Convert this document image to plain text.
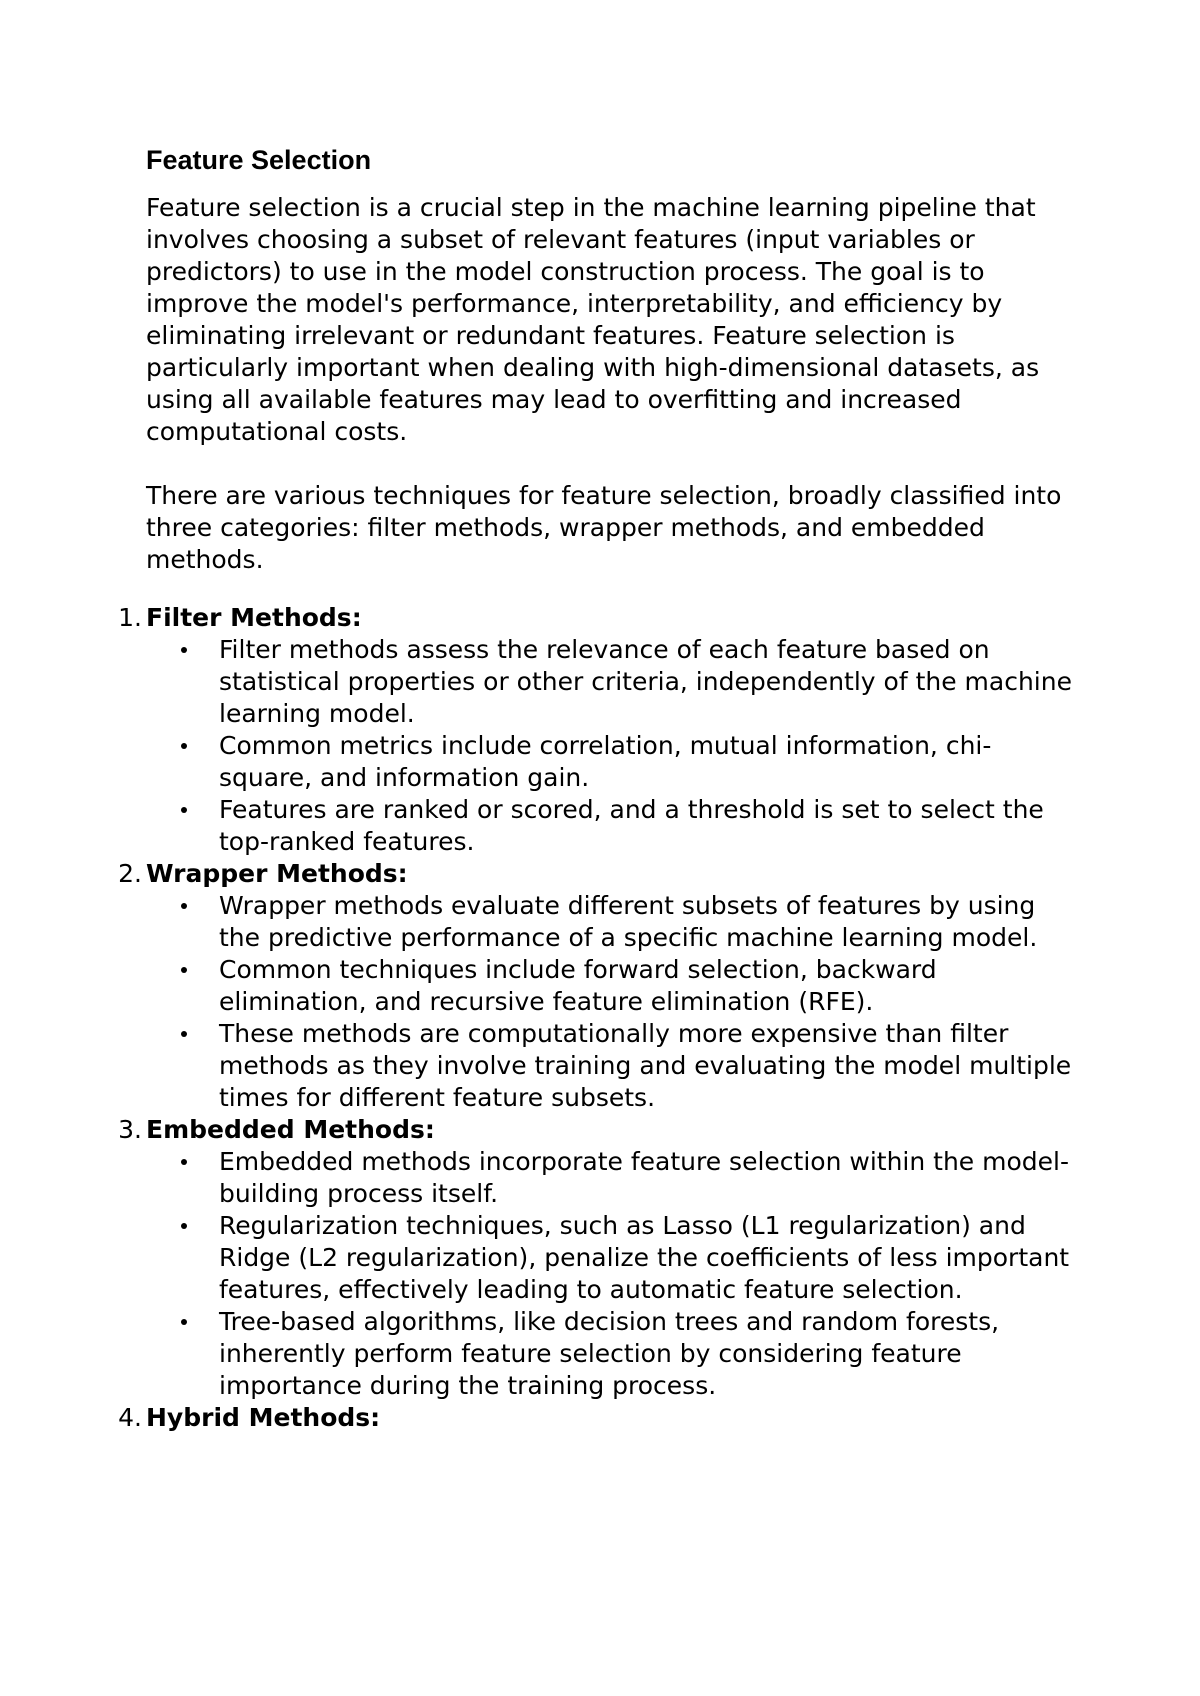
Feature Selection

Feature selection is a crucial step in the machine learning pipeline that involves choosing a subset of relevant features (input variables or predictors) to use in the model construction process. The goal is to improve the model's performance, interpretability, and efficiency by eliminating irrelevant or redundant features. Feature selection is particularly important when dealing with high-dimensional datasets, as using all available features may lead to overfitting and increased computational costs.

There are various techniques for feature selection, broadly classified into three categories: filter methods, wrapper methods, and embedded methods.

1. Filter Methods:
Filter methods assess the relevance of each feature based on statistical properties or other criteria, independently of the machine learning model.
Common metrics include correlation, mutual information, chi-square, and information gain.
Features are ranked or scored, and a threshold is set to select the top-ranked features.
2. Wrapper Methods:
Wrapper methods evaluate different subsets of features by using the predictive performance of a specific machine learning model.
Common techniques include forward selection, backward elimination, and recursive feature elimination (RFE).
These methods are computationally more expensive than filter methods as they involve training and evaluating the model multiple times for different feature subsets.
3. Embedded Methods:
Embedded methods incorporate feature selection within the model-building process itself.
Regularization techniques, such as Lasso (L1 regularization) and Ridge (L2 regularization), penalize the coefficients of less important features, effectively leading to automatic feature selection.
Tree-based algorithms, like decision trees and random forests, inherently perform feature selection by considering feature importance during the training process.
4. Hybrid Methods:
